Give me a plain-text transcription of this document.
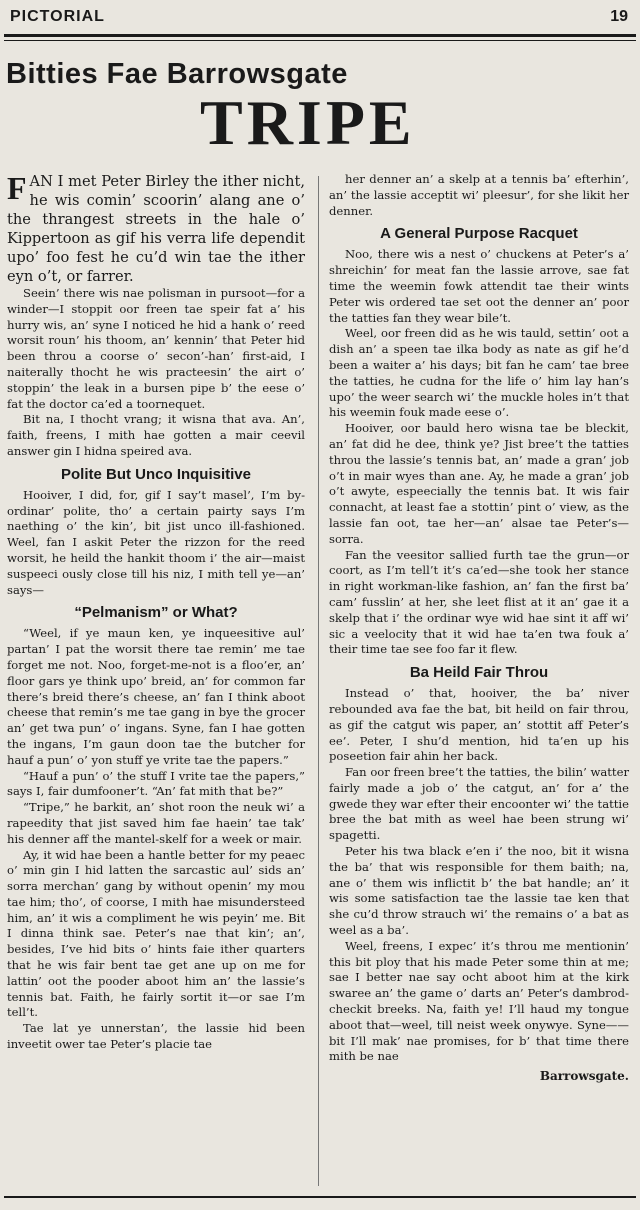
PICTORIAL	19
Bitties Fae Barrowsgate
TRIPE

FAN I met Peter Birley the ither nicht, he wis comin’ scoorin’ alang ane o’ the thrangest streets in the hale o’ Kippertoon as gif his verra life dependit upo’ foo fest he cu’d win tae the ither eyn o’t, or farrer.

Seein’ there wis nae polisman in pursoot—for a winder—I stoppit oor freen tae speir fat a’ his hurry wis, an’ syne I noticed he hid a hank o’ reed worsit roun’ his thoom, an’ kennin’ that Peter hid been throu a coorse o’ secon’-han’ first-aid, I naiterally thocht he wis practeesin’ the airt o’ stoppin’ the leak in a bursen pipe b’ the eese o’ fat the doctor ca’ed a toornequet.

Bit na, I thocht vrang; it wisna that ava. An’, faith, freens, I mith hae gotten a mair ceevil answer gin I hidna speired ava.

Polite But Unco Inquisitive

Hooiver, I did, for, gif I say’t masel’, I’m by-ordinar’ polite, tho’ a certain pairty says I’m naething o’ the kin’, bit jist unco ill-fashioned. Weel, fan I askit Peter the rizzon for the reed worsit, he heild the hankit thoom i’ the air—maist suspeeci ously close till his niz, I mith tell ye—an’ says—

“Pelmanism” or What?

“Weel, if ye maun ken, ye inqueesitive aul’ partan’ I pat the worsit there tae remin’ me tae forget me not. Noo, forget-me-not is a floo’er, an’ floor gars ye think upo’ breid, an’ for common far there’s breid there’s cheese, an’ fan I think aboot cheese that remin’s me tae gang in bye the grocer an’ get twa pun’ o’ ingans. Syne, fan I hae gotten the ingans, I’m gaun doon tae the butcher for hauf a pun’ o’ yon stuff ye vrite tae the papers.”

“Hauf a pun’ o’ the stuff I vrite tae the papers,” says I, fair dumfooner’t. “An’ fat mith that be?”

“Tripe,” he barkit, an’ shot roon the neuk wi’ a rapeedity that jist saved him fae haein’ tae tak’ his denner aff the mantel-skelf for a week or mair.

Ay, it wid hae been a hantle better for my peaec o’ min gin I hid latten the sarcastic aul’ sids an’ sorra merchan’ gang by without openin’ my mou tae him; tho’, of coorse, I mith hae misundersteed him, an’ it wis a compliment he wis peyin’ me. Bit I dinna think sae. Peter’s nae that kin’; an’, besides, I’ve hid bits o’ hints faie ither quarters that he wis fair bent tae get ane up on me for lattin’ oot the pooder aboot him an’ the lassie’s tennis bat. Faith, he fairly sortit it—or sae I’m tell’t.

Tae lat ye unnerstan’, the lassie hid been inveetit ower tae Peter’s placie tae

her denner an’ a skelp at a tennis ba’ efterhin’, an’ the lassie acceptit wi’ pleesur’, for she likit her denner.

A General Purpose Racquet

Noo, there wis a nest o’ chuckens at Peter’s a’ shreichin’ for meat fan the lassie arrove, sae fat time the weemin fowk attendit tae their wints Peter wis ordered tae set oot the denner an’ poor the tatties fan they wear bile’t.

Weel, oor freen did as he wis tauld, settin’ oot a dish an’ a speen tae ilka body as nate as gif he’d been a waiter a’ his days; bit fan he cam’ tae bree the tatties, he cudna for the life o’ him lay han’s upo’ the weer search wi’ the muckle holes in’t that his weemin fouk made eese o’.

Hooiver, oor bauld hero wisna tae be bleckit, an’ fat did he dee, think ye? Jist bree’t the tatties throu the lassie’s tennis bat, an’ made a gran’ job o’t in mair wyes than ane. Ay, he made a gran’ job o’t awyte, espeecially the tennis bat. It wis fair connacht, at least fae a stottin’ pint o’ view, as the lassie fan oot, tae her—an’ alsae tae Peter’s—sorra.

Fan the veesitor sallied furth tae the grun—or coort, as I’m tell’t it’s ca’ed—she took her stance in right workman-like fashion, an’ fan the first ba’ cam’ fusslin’ at her, she leet flist at it an’ gae it a skelp that i’ the ordinar wye wid hae sint it aff wi’ sic a veelocity that it wid hae ta’en twa fouk a’ their time tae see foo far it flew.

Ba Heild Fair Throu

Instead o’ that, hooiver, the ba’ niver rebounded ava fae the bat, bit heild on fair throu, as gif the catgut wis paper, an’ stottit aff Peter’s ee’. Peter, I shu’d mention, hid ta’en up his poseetion fair ahin her back.

Fan oor freen bree’t the tatties, the bilin’ watter fairly made a job o’ the catgut, an’ for a’ the gwede they war efter their encoonter wi’ the tattie bree the bat mith as weel hae been strung wi’ spagetti.

Peter his twa black e’en i’ the noo, bit it wisna the ba’ that wis responsible for them baith; na, ane o’ them wis inflictit b’ the bat handle; an’ it wis some satisfaction tae the lassie tae ken that she cu’d throw strauch wi’ the remains o’ a bat as weel as a ba’.

Weel, freens, I expec’ it’s throu me mentionin’ this bit ploy that his made Peter some thin at me; sae I better nae say ocht aboot him at the kirk swaree an’ the game o’ darts an’ Peter’s dambrod-checkit breeks. Na, faith ye! I’ll haud my tongue aboot that—weel, till neist week onywye. Syne——bit I’ll mak’ nae promises, for b’ that time there mith be nae

Barrowsgate.
